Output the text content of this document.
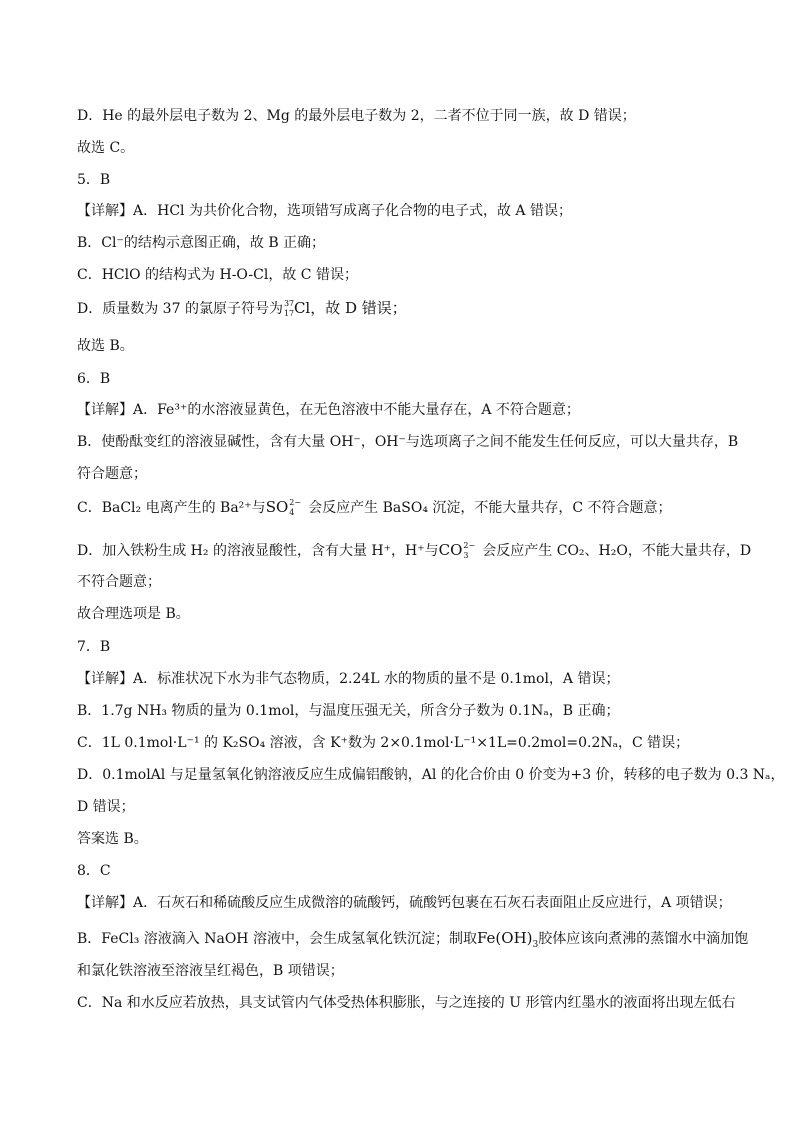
D．He 的最外层电子数为 2、Mg 的最外层电子数为 2，二者不位于同一族，故 D 错误；
故选 C。
5．B
【详解】A．HCl 为共价化合物，选项错写成离子化合物的电子式，故 A 错误；
B．Cl⁻的结构示意图正确，故 B 正确；
C．HClO 的结构式为 H-O-Cl，故 C 错误；
D．质量数为 37 的氯原子符号为 37
17 Cl，故 D 错误；
故选 B。
6．B
【详解】A．Fe³⁺的水溶液显黄色，在无色溶液中不能大量存在，A 不符合题意；
B．使酚酞变红的溶液显碱性，含有大量 OH⁻，OH⁻与选项离子之间不能发生任何反应，可以大量共存，B
符合题意；
C．BaCl₂ 电离产生的 Ba²⁺与SO 2−
4 会反应产生 BaSO₄ 沉淀，不能大量共存，C 不符合题意；
D．加入铁粉生成 H₂ 的溶液显酸性，含有大量 H⁺，H⁺与CO 2−
3 会反应产生 CO₂、H₂O，不能大量共存，D
不符合题意；
故合理选项是 B。
7．B
【详解】A．标准状况下水为非气态物质，2.24L 水的物质的量不是 0.1mol，A 错误；
B．1.7g NH₃ 物质的量为 0.1mol，与温度压强无关，所含分子数为 0.1Nₐ，B 正确；
C．1L 0.1mol·L⁻¹ 的 K₂SO₄ 溶液，含 K⁺数为 2×0.1mol·L⁻¹×1L=0.2mol=0.2Nₐ，C 错误；
D．0.1molAl 与足量氢氧化钠溶液反应生成偏铝酸钠，Al 的化合价由 0 价变为+3 价，转移的电子数为 0.3 Nₐ，
D 错误；
答案选 B。
8．C
【详解】A．石灰石和稀硫酸反应生成微溶的硫酸钙，硫酸钙包裹在石灰石表面阻止反应进行，A 项错误；
B．FeCl₃ 溶液滴入 NaOH 溶液中，会生成氢氧化铁沉淀；制取$Fe(OH)_3$胶体应该向煮沸的蒸馏水中滴加饱
和氯化铁溶液至溶液呈红褐色，B 项错误；
C．Na 和水反应若放热，具支试管内气体受热体积膨胀，与之连接的 U 形管内红墨水的液面将出现左低右
